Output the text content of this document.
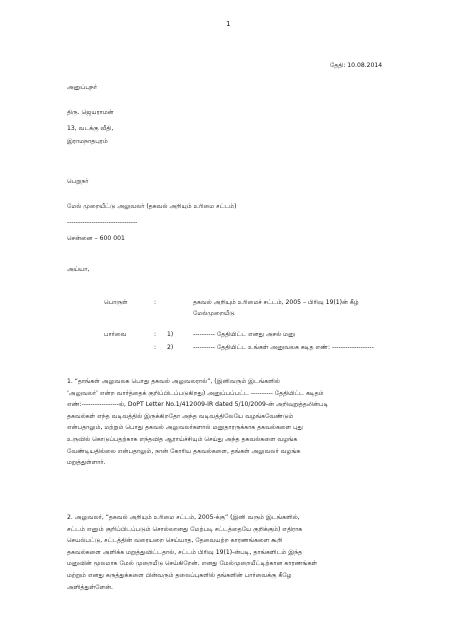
1
தேதி: 10.08.2014
அனுப்புநர்
திரு. ஜெயராமன்
13, வடக்கு வீதி,
இராமநாதபுரம்
பெறுநர்
மேல் முறையீட்டு அலுவலர் (தகவல் அறியும் உரிமை சட்டம்)
--------------------------------
சென்னை – 600 001
அய்யா,
பொருள்	:	தகவல் அறியும் உரிமைச் சட்டம், 2005 – பிரிவு 19(1)ன் கீழ்
மேல்முறையீடு
பார்வை	: 1)	---------- தேதியிட்ட எனது அசல் மனு
: 2)	---------- தேதியிட்ட உங்கள் அனுவலக கடித எண்: -------------------

1. “தாங்கள் அலுவலக பொது தகவல் அலுவலரால்”, (இனிவரும் இடங்களில்

‘அலுவலர்’ என்ற வார்த்தைக் குறிப்பிடப்படுகிறது) அனுப்பப்பட்ட ---------- தேதியிட்ட கடிதம்

எண்:-----------------ல், DoPT Letter No.1/412009-IR dated 5/10/2009-ன் அறிவுறுத்தலின்படி

தகவல்கள் எந்த வடிவத்தில் இருக்கிறதோ அந்த வடிவத்திலேயே வழங்கவேண்டும்

என்பதாலும், மற்றும் பொது தகவல் அலுவலர்களால் மனுதாரருக்காக தகவல்களை புது

உருவில் கொடுப்பதற்காக எந்தவித ஆராய்ச்சியும் செய்து அந்த தகவல்களை வழங்க

வேண்டியதில்லை என்பதாலும், நான் கோரிய தகவல்களை, தங்கள் அலுவலர் வழங்க

மறுத்துள்ளார்.

2. அலுவலர், “தகவல் அறியும் உரிமை சட்டம், 2005-க்கு” (இனி வரும் இடங்களில்,

சட்டம் எனும் குறிப்பிடப்படும் சொல்லானது மேற்படி சட்டத்தையே குறிக்கும்) எதிராக

செயல்பட்டு, சட்டத்தின் வரையறை செய்யாத, தேவையற்ற காரணங்களை கூறி

தகவல்களை அளிக்க மறுத்துவிட்டதால், சட்டம் பிரிவு 19(1)-ன்படி, தாங்களிடம் இந்த

மனுவின் மூலமாக மேல் முறையீடு செய்கிறேன். எனது மேல்முறையீட்டிற்கான காரணங்கள்

மற்றும் எனது கருத்துக்களை பின்வரும் தலைப்புகளில் தங்களின் பார்வைக்கு கீழே

அளித்துள்ளேன்.
